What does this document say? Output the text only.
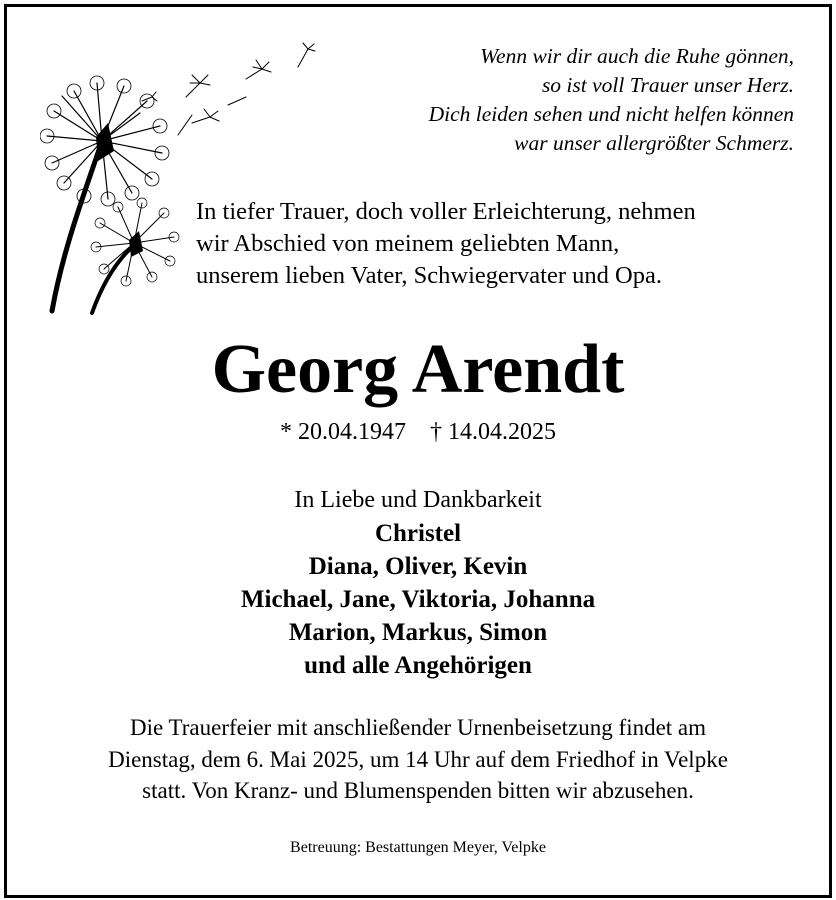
Wenn wir dir auch die Ruhe gönnen,
so ist voll Trauer unser Herz.
Dich leiden sehen und nicht helfen können
war unser allergrößter Schmerz.
In tiefer Trauer, doch voller Erleichterung, nehmen
wir Abschied von meinem geliebten Mann,
unserem lieben Vater, Schwiegervater und Opa.
Georg Arendt
* 20.04.1947 † 14.04.2025
In Liebe und Dankbarkeit
Christel
Diana, Oliver, Kevin
Michael, Jane, Viktoria, Johanna
Marion, Markus, Simon
und alle Angehörigen
Die Trauerfeier mit anschließender Urnenbeisetzung findet am
Dienstag, dem 6. Mai 2025, um 14 Uhr auf dem Friedhof in Velpke
statt. Von Kranz- und Blumenspenden bitten wir abzusehen.
Betreuung: Bestattungen Meyer, Velpke
